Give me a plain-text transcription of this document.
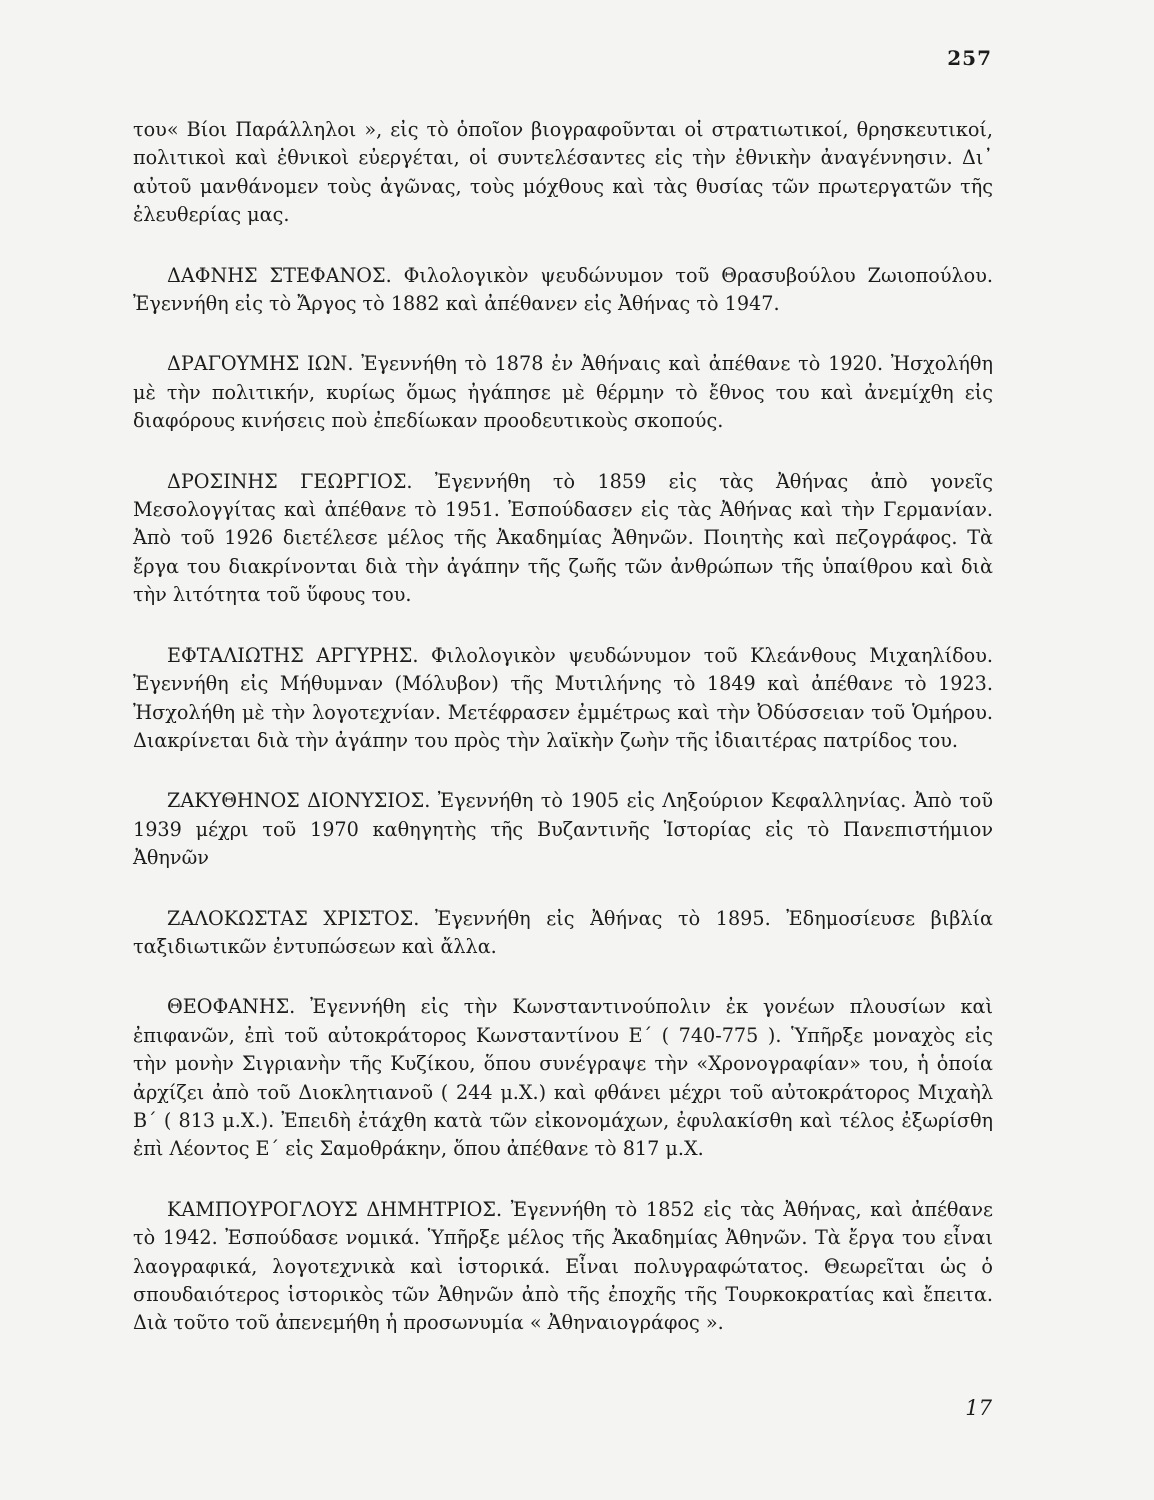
257

του« Βίοι Παράλληλοι », εἰς τὸ ὁποῖον βιογραφοῦνται οἱ στρατιωτικοί, θρησκευτικοί, πολιτικοὶ καὶ ἐθνικοὶ εὐεργέται, οἱ συντελέσαντες εἰς τὴν ἐθνικὴν ἀναγέννησιν. Δι᾽ αὐτοῦ μανθάνομεν τοὺς ἀγῶνας, τοὺς μόχθους καὶ τὰς θυσίας τῶν πρωτεργατῶν τῆς ἐλευθερίας μας.

ΔΑΦΝΗΣ ΣΤΕΦΑΝΟΣ. Φιλολογικὸν ψευδώνυμον τοῦ Θρασυβούλου Ζωιοπούλου. Ἐγεννήθη εἰς τὸ Ἄργος τὸ 1882 καὶ ἀπέθανεν εἰς Ἀθήνας τὸ 1947.

ΔΡΑΓΟΥΜΗΣ ΙΩΝ. Ἐγεννήθη τὸ 1878 ἐν Ἀθήναις καὶ ἀπέθανε τὸ 1920. Ἠσχολήθη μὲ τὴν πολιτικήν, κυρίως ὅμως ἠγάπησε μὲ θέρμην τὸ ἔθνος του καὶ ἀνεμίχθη εἰς διαφόρους κινήσεις ποὺ ἐπεδίωκαν προοδευτικοὺς σκοπούς.

ΔΡΟΣΙΝΗΣ ΓΕΩΡΓΙΟΣ. Ἐγεννήθη τὸ 1859 εἰς τὰς Ἀθήνας ἀπὸ γονεῖς Μεσολογγίτας καὶ ἀπέθανε τὸ 1951. Ἐσπούδασεν εἰς τὰς Ἀθήνας καὶ τὴν Γερμανίαν. Ἀπὸ τοῦ 1926 διετέλεσε μέλος τῆς Ἀκαδημίας Ἀθηνῶν. Ποιητὴς καὶ πεζογράφος. Τὰ ἔργα του διακρίνονται διὰ τὴν ἀγάπην τῆς ζωῆς τῶν ἀνθρώπων τῆς ὑπαίθρου καὶ διὰ τὴν λιτότητα τοῦ ὕφους του.

ΕΦΤΑΛΙΩΤΗΣ ΑΡΓΥΡΗΣ. Φιλολογικὸν ψευδώνυμον τοῦ Κλεάνθους Μιχαηλίδου. Ἐγεννήθη εἰς Μήθυμναν (Μόλυβον) τῆς Μυτιλήνης τὸ 1849 καὶ ἀπέθανε τὸ 1923. Ἠσχολήθη μὲ τὴν λογοτεχνίαν. Μετέφρασεν ἐμμέτρως καὶ τὴν Ὀδύσσειαν τοῦ Ὁμήρου. Διακρίνεται διὰ τὴν ἀγάπην του πρὸς τὴν λαϊκὴν ζωὴν τῆς ἰδιαιτέρας πατρίδος του.

ΖΑΚΥΘΗΝΟΣ ΔΙΟΝΥΣΙΟΣ. Ἐγεννήθη τὸ 1905 εἰς Ληξούριον Κεφαλληνίας. Ἀπὸ τοῦ 1939 μέχρι τοῦ 1970 καθηγητὴς τῆς Βυζαντινῆς Ἱστορίας εἰς τὸ Πανεπιστήμιον Ἀθηνῶν

ΖΑΛΟΚΩΣΤΑΣ ΧΡΙΣΤΟΣ. Ἐγεννήθη εἰς Ἀθήνας τὸ 1895. Ἐδημοσίευσε βιβλία ταξιδιωτικῶν ἐντυπώσεων καὶ ἄλλα.

ΘΕΟΦΑΝΗΣ. Ἐγεννήθη εἰς τὴν Κωνσταντινούπολιν ἐκ γονέων πλουσίων καὶ ἐπιφανῶν, ἐπὶ τοῦ αὐτοκράτορος Κωνσταντίνου Ε΄ ( 740-775 ). Ὑπῆρξε μοναχὸς εἰς τὴν μονὴν Σιγριανὴν τῆς Κυζίκου, ὅπου συνέγραψε τὴν «Χρονογραφίαν» του, ἡ ὁποία ἀρχίζει ἀπὸ τοῦ Διοκλητιανοῦ ( 244 μ.Χ.) καὶ φθάνει μέχρι τοῦ αὐτοκράτορος Μιχαὴλ Β΄ ( 813 μ.Χ.). Ἐπειδὴ ἐτάχθη κατὰ τῶν εἰκονομάχων, ἐφυλακίσθη καὶ τέλος ἐξωρίσθη ἐπὶ Λέοντος Ε΄ εἰς Σαμοθράκην, ὅπου ἀπέθανε τὸ 817 μ.Χ.

ΚΑΜΠΟΥΡΟΓΛΟΥΣ ΔΗΜΗΤΡΙΟΣ. Ἐγεννήθη τὸ 1852 εἰς τὰς Ἀθήνας, καὶ ἀπέθανε τὸ 1942. Ἐσπούδασε νομικά. Ὑπῆρξε μέλος τῆς Ἀκαδημίας Ἀθηνῶν. Τὰ ἔργα του εἶναι λαογραφικά, λογοτεχνικὰ καὶ ἱστορικά. Εἶναι πολυγραφώτατος. Θεωρεῖται ὡς ὁ σπουδαιότερος ἱστορικὸς τῶν Ἀθηνῶν ἀπὸ τῆς ἐποχῆς τῆς Τουρκοκρατίας καὶ ἔπειτα. Διὰ τοῦτο τοῦ ἀπενεμήθη ἡ προσωνυμία « Ἀθηναιογράφος ».

17
